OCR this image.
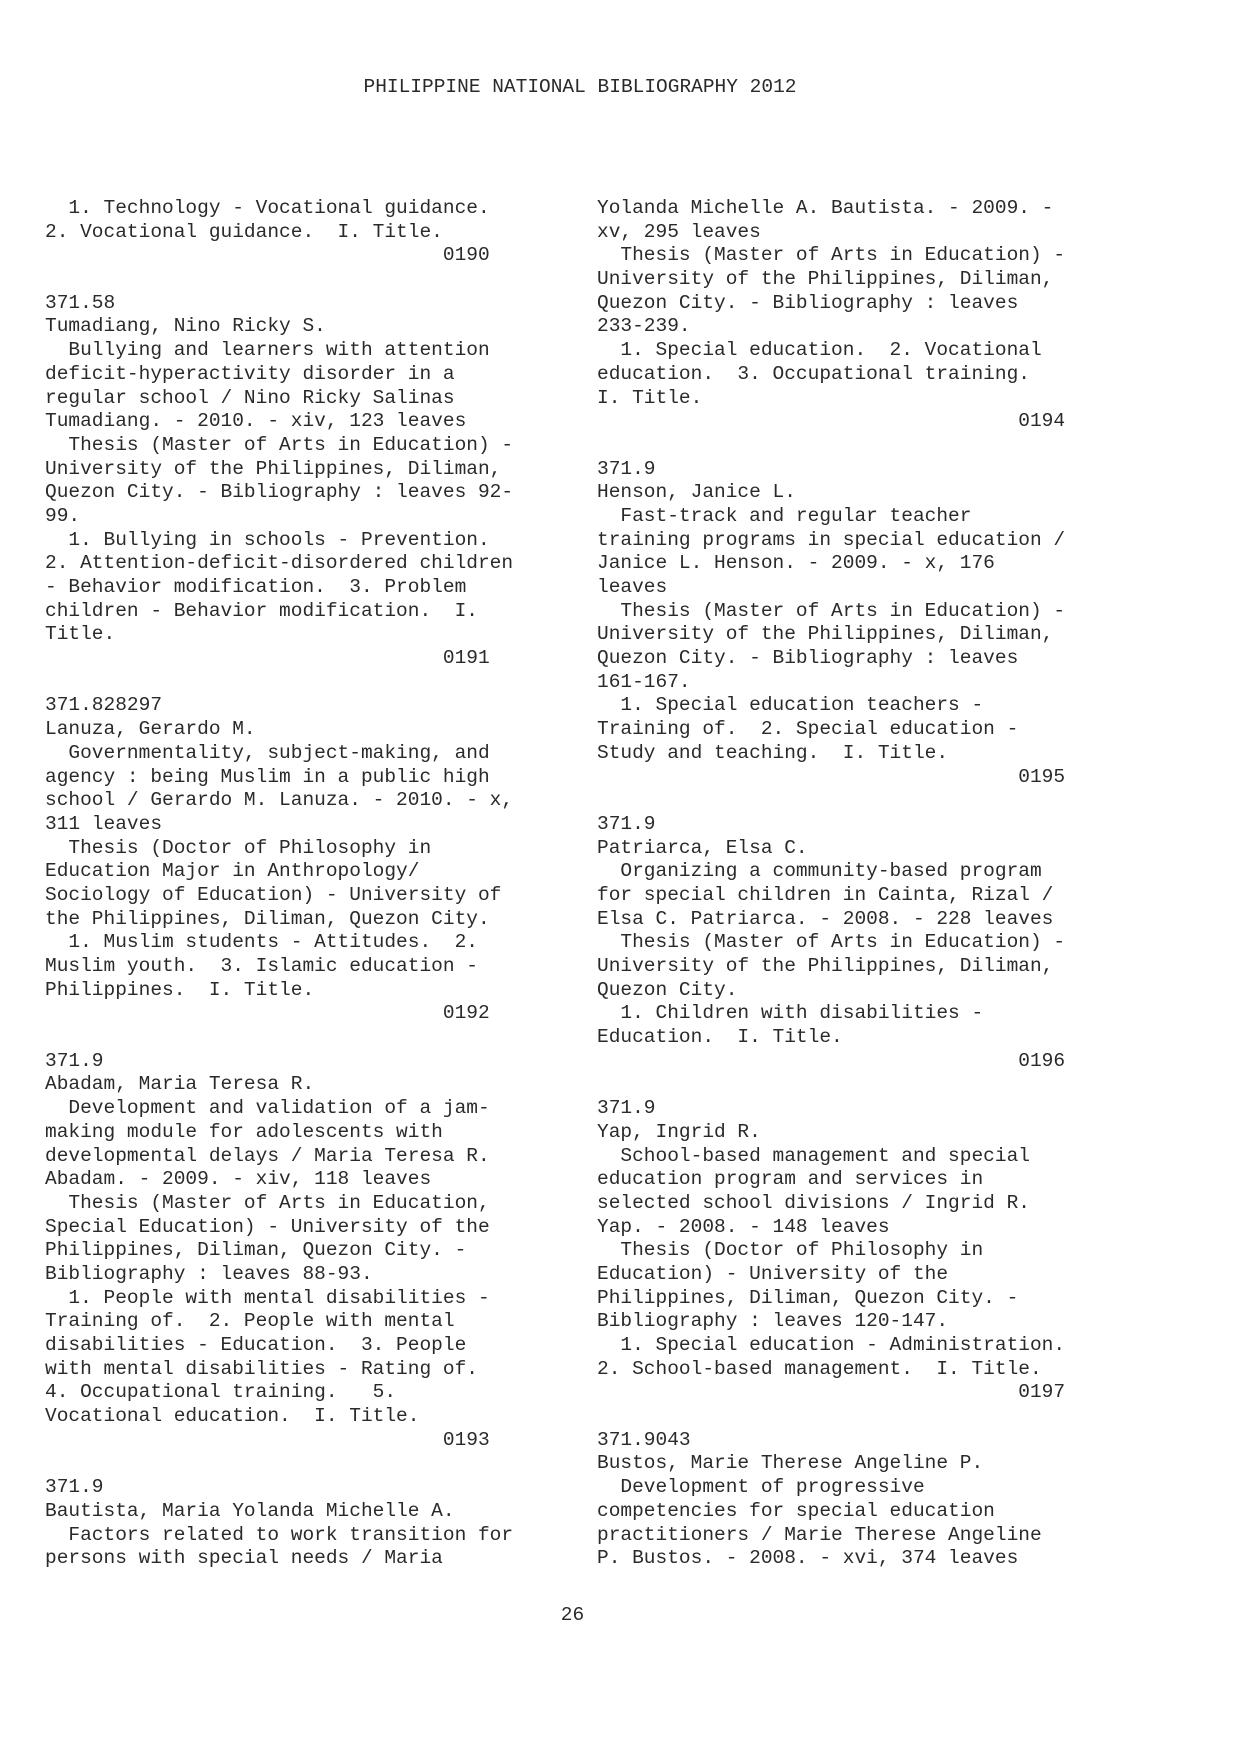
PHILIPPINE NATIONAL BIBLIOGRAPHY 2012
1. Technology - Vocational guidance.
2. Vocational guidance.  I. Title.
0190
371.58
Tumadiang, Nino Ricky S.
Bullying and learners with attention
deficit-hyperactivity disorder in a
regular school / Nino Ricky Salinas
Tumadiang. - 2010. - xiv, 123 leaves
Thesis (Master of Arts in Education) -
University of the Philippines, Diliman,
Quezon City. - Bibliography : leaves 92-
99.
1. Bullying in schools - Prevention.
2. Attention-deficit-disordered children
- Behavior modification.  3. Problem
children - Behavior modification.  I.
Title.
0191
371.828297
Lanuza, Gerardo M.
Governmentality, subject-making, and
agency : being Muslim in a public high
school / Gerardo M. Lanuza. - 2010. - x,
311 leaves
Thesis (Doctor of Philosophy in
Education Major in Anthropology/
Sociology of Education) - University of
the Philippines, Diliman, Quezon City.
1. Muslim students - Attitudes.  2.
Muslim youth.  3. Islamic education -
Philippines.  I. Title.
0192
371.9
Abadam, Maria Teresa R.
Development and validation of a jam-
making module for adolescents with
developmental delays / Maria Teresa R.
Abadam. - 2009. - xiv, 118 leaves
Thesis (Master of Arts in Education,
Special Education) - University of the
Philippines, Diliman, Quezon City. -
Bibliography : leaves 88-93.
1. People with mental disabilities -
Training of.  2. People with mental
disabilities - Education.  3. People
with mental disabilities - Rating of.
4. Occupational training.   5.
Vocational education.  I. Title.
0193
371.9
Bautista, Maria Yolanda Michelle A.
Factors related to work transition for
persons with special needs / Maria
Yolanda Michelle A. Bautista. - 2009. -
xv, 295 leaves
Thesis (Master of Arts in Education) -
University of the Philippines, Diliman,
Quezon City. - Bibliography : leaves
233-239.
1. Special education.  2. Vocational
education.  3. Occupational training.
I. Title.
0194
371.9
Henson, Janice L.
Fast-track and regular teacher
training programs in special education /
Janice L. Henson. - 2009. - x, 176
leaves
Thesis (Master of Arts in Education) -
University of the Philippines, Diliman,
Quezon City. - Bibliography : leaves
161-167.
1. Special education teachers -
Training of.  2. Special education -
Study and teaching.  I. Title.
0195
371.9
Patriarca, Elsa C.
Organizing a community-based program
for special children in Cainta, Rizal /
Elsa C. Patriarca. - 2008. - 228 leaves
Thesis (Master of Arts in Education) -
University of the Philippines, Diliman,
Quezon City.
1. Children with disabilities -
Education.  I. Title.
0196
371.9
Yap, Ingrid R.
School-based management and special
education program and services in
selected school divisions / Ingrid R.
Yap. - 2008. - 148 leaves
Thesis (Doctor of Philosophy in
Education) - University of the
Philippines, Diliman, Quezon City. -
Bibliography : leaves 120-147.
1. Special education - Administration.
2. School-based management.  I. Title.
0197
371.9043
Bustos, Marie Therese Angeline P.
Development of progressive
competencies for special education
practitioners / Marie Therese Angeline
P. Bustos. - 2008. - xvi, 374 leaves
26
